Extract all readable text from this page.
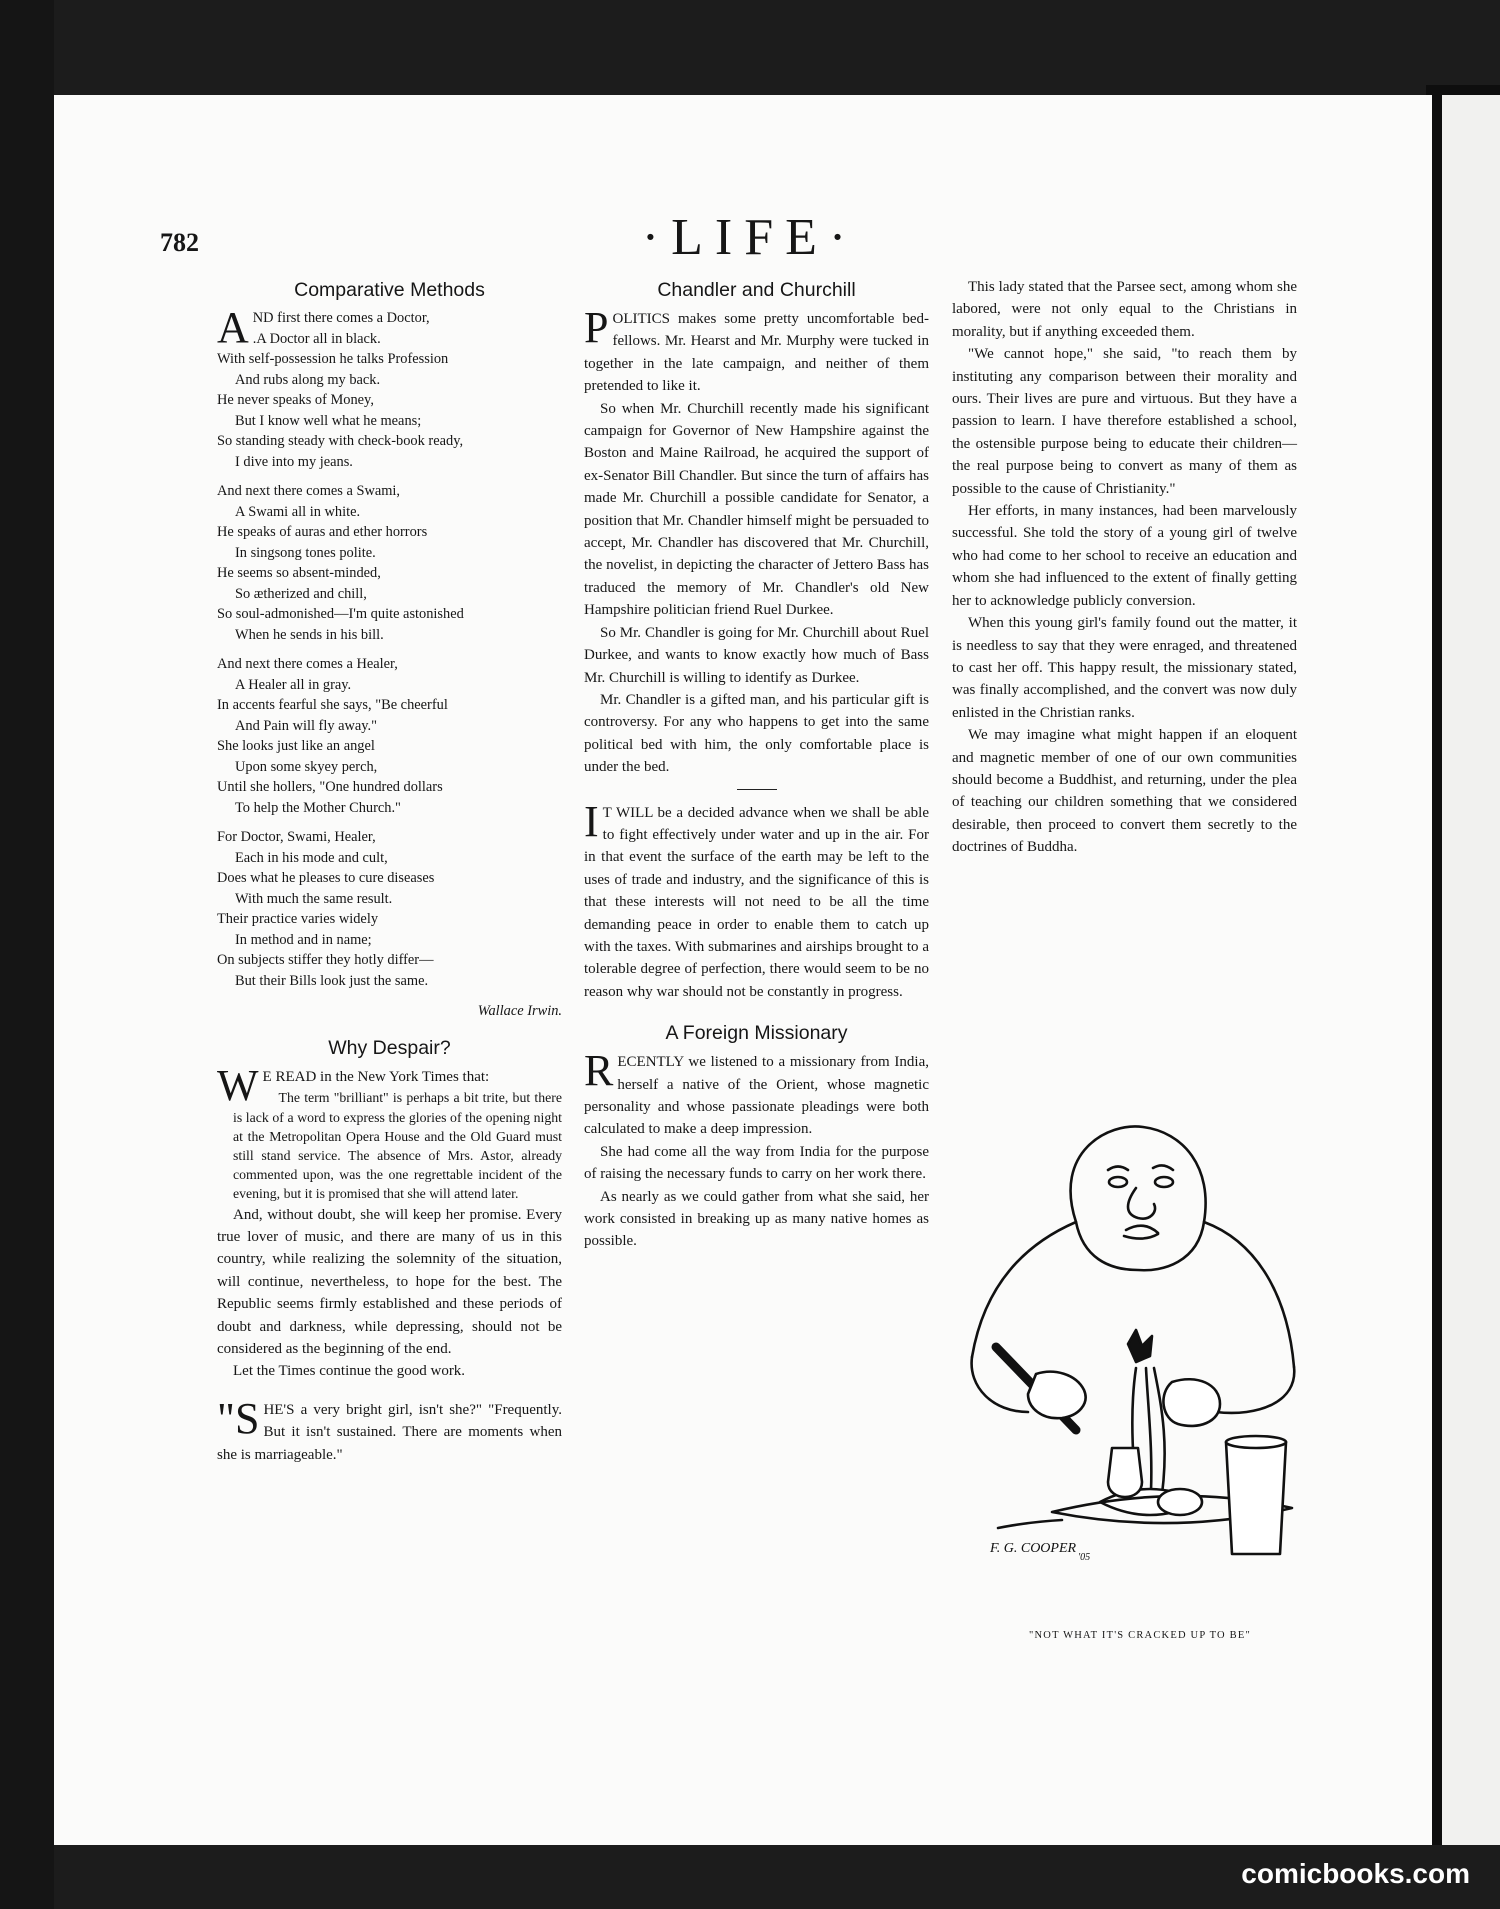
782	·LIFE·
Comparative Methods
A ND first there comes a Doctor,
.A Doctor all in black.
With self-possession he talks Profession
And rubs along my back.
He never speaks of Money,
But I know well what he means;
So standing steady with check-book ready,
I dive into my jeans.
And next there comes a Swami,
A Swami all in white.
He speaks of auras and ether horrors
In singsong tones polite.
He seems so absent-minded,
So ætherized and chill,
So soul-admonished—I'm quite astonished
When he sends in his bill.
And next there comes a Healer,
A Healer all in gray.
In accents fearful she says, "Be cheerful
And Pain will fly away."
She looks just like an angel
Upon some skyey perch,
Until she hollers, "One hundred dollars
To help the Mother Church."
For Doctor, Swami, Healer,
Each in his mode and cult,
Does what he pleases to cure diseases
With much the same result.
Their practice varies widely
In method and in name;
On subjects stiffer they hotly differ—
But their Bills look just the same.
Wallace Irwin.
Why Despair?

W E READ in the New York Times that:

The term "brilliant" is perhaps a bit trite, but there is lack of a word to express the glories of the opening night at the Metropolitan Opera House and the Old Guard must still stand service. The absence of Mrs. Astor, already commented upon, was the one regrettable incident of the evening, but it is promised that she will attend later.

And, without doubt, she will keep her promise. Every true lover of music, and there are many of us in this country, while realizing the solemnity of the situation, will continue, nevertheless, to hope for the best. The Republic seems firmly established and these periods of doubt and darkness, while depressing, should not be considered as the beginning of the end.

Let the Times continue the good work.

"SHE'S a very bright girl, isn't she?" "Frequently. But it isn't sustained. There are moments when she is marriageable."

Chandler and Churchill

POLITICS makes some pretty uncomfortable bed-fellows. Mr. Hearst and Mr. Murphy were tucked in together in the late campaign, and neither of them pretended to like it.

So when Mr. Churchill recently made his significant campaign for Governor of New Hampshire against the Boston and Maine Railroad, he acquired the support of ex-Senator Bill Chandler. But since the turn of affairs has made Mr. Churchill a possible candidate for Senator, a position that Mr. Chandler himself might be persuaded to accept, Mr. Chandler has discovered that Mr. Churchill, the novelist, in depicting the character of Jettero Bass has traduced the memory of Mr. Chandler's old New Hampshire politician friend Ruel Durkee.

So Mr. Chandler is going for Mr. Churchill about Ruel Durkee, and wants to know exactly how much of Bass Mr. Churchill is willing to identify as Durkee.

Mr. Chandler is a gifted man, and his particular gift is controversy. For any who happens to get into the same political bed with him, the only comfortable place is under the bed.

I T WILL be a decided advance when we shall be able to fight effectively under water and up in the air. For in that event the surface of the earth may be left to the uses of trade and industry, and the significance of this is that these interests will not need to be all the time demanding peace in order to enable them to catch up with the taxes. With submarines and airships brought to a tolerable degree of perfection, there would seem to be no reason why war should not be constantly in progress.

A Foreign Missionary

RECENTLY we listened to a missionary from India, herself a native of the Orient, whose magnetic personality and whose passionate pleadings were both calculated to make a deep impression.

She had come all the way from India for the purpose of raising the necessary funds to carry on her work there.

As nearly as we could gather from what she said, her work consisted in breaking up as many native homes as possible.

This lady stated that the Parsee sect, among whom she labored, were not only equal to the Christians in morality, but if anything exceeded them.

"We cannot hope," she said, "to reach them by instituting any comparison between their morality and ours. Their lives are pure and virtuous. But they have a passion to learn. I have therefore established a school, the ostensible purpose being to educate their children—the real purpose being to convert as many of them as possible to the cause of Christianity."

Her efforts, in many instances, had been marvelously successful. She told the story of a young girl of twelve who had come to her school to receive an education and whom she had influenced to the extent of finally getting her to acknowledge publicly conversion.

When this young girl's family found out the matter, it is needless to say that they were enraged, and threatened to cast her off. This happy result, the missionary stated, was finally accomplished, and the convert was now duly enlisted in the Christian ranks.

We may imagine what might happen if an eloquent and magnetic member of one of our own communities should become a Buddhist, and returning, under the plea of teaching our children something that we considered desirable, then proceed to convert them secretly to the doctrines of Buddha.

F. G. COOPER
'05
"NOT WHAT IT'S CRACKED UP TO BE"
comicbooks.com
